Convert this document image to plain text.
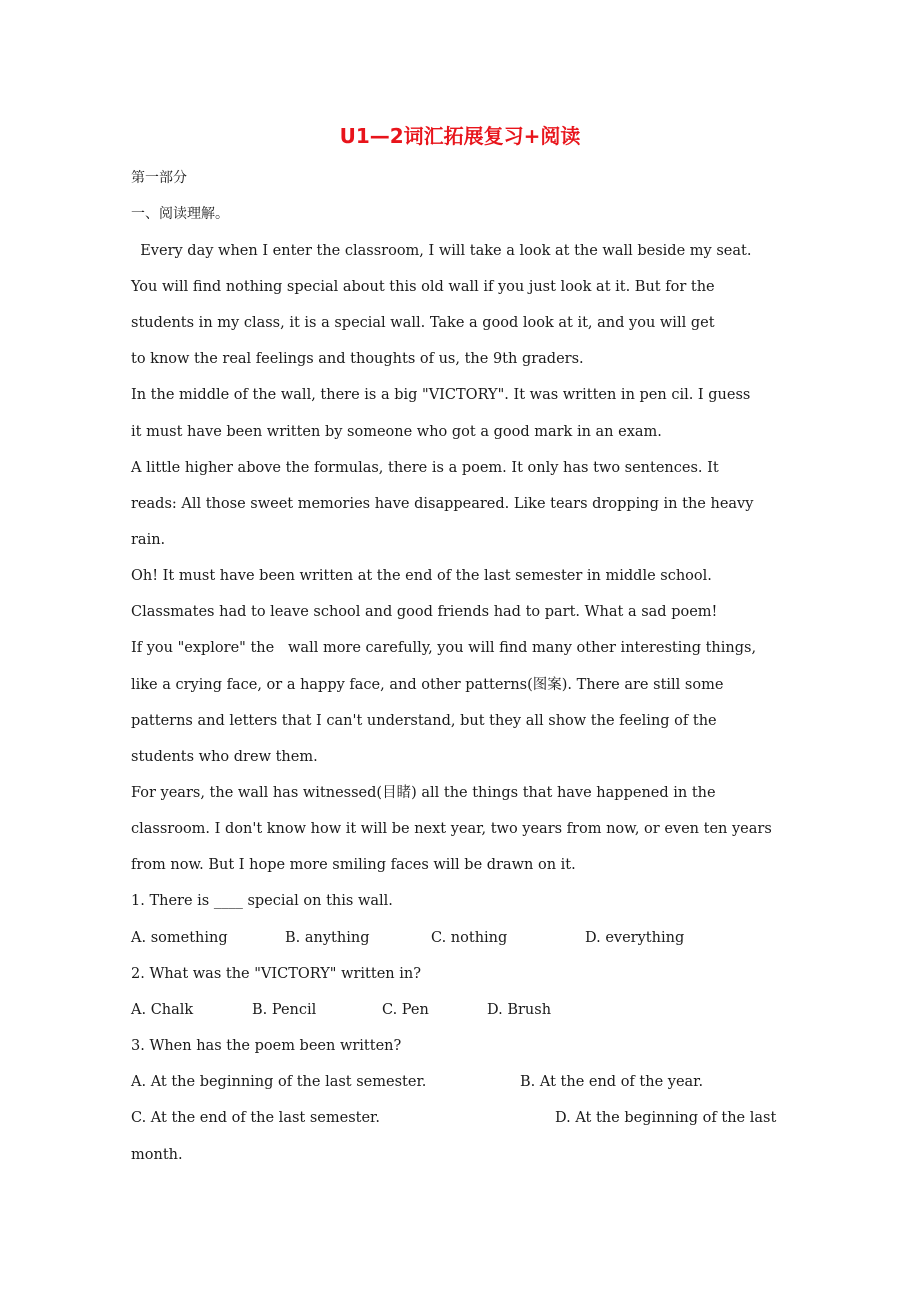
U1—2词汇拓展复习+阅读
第一部分
一、阅读理解。
Every day when I enter the classroom, I will take a look at the wall beside my seat.
You will find nothing special about this old wall if you just look at it. But for the
students in my class, it is a special wall. Take a good look at it, and you will get
to know the real feelings and thoughts of us, the 9th graders.
In the middle of the wall, there is a big "VICTORY". It was written in pen cil. I guess
it must have been written by someone who got a good mark in an exam.
A little higher above the formulas, there is a poem. It only has two sentences. It
reads: All those sweet memories have disappeared. Like tears dropping in the heavy
rain.
Oh! It must have been written at the end of the last semester in middle school.
Classmates had to leave school and good friends had to part. What a sad poem!
If you "explore" the   wall more carefully, you will find many other interesting things,
like a crying face, or a happy face, and other patterns(图案). There are still some
patterns and letters that I can't understand, but they all show the feeling of the
students who drew them.
For years, the wall has witnessed(目睹) all the things that have happened in the
classroom. I don't know how it will be next year, two years from now, or even ten years
from now. But I hope more smiling faces will be drawn on it.
1. There is ____ special on this wall.
A. something	B. anything	C. nothing	D. everything
2. What was the "VICTORY" written in?
A. Chalk	B. Pencil	C. Pen	D. Brush
3. When has the poem been written?
A. At the beginning of the last semester.	B. At the end of the year.
C. At the end of the last semester.	D. At the beginning of the last
month.
